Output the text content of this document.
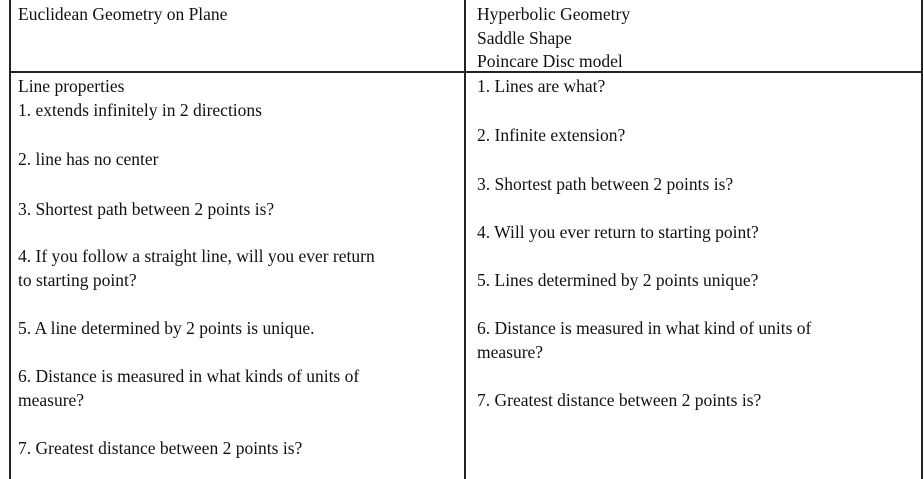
Euclidean Geometry on Plane	Hyperbolic Geometry
Saddle Shape
Poincare Disc model
Line properties
1. extends infinitely in 2 directions
2. line has no center
3. Shortest path between 2 points is?
4. If you follow a straight line, will you ever return
to starting point?
5. A line determined by 2 points is unique.
6. Distance is measured in what kinds of units of
measure?
7. Greatest distance between 2 points is?
1. Lines are what?
2. Infinite extension?
3. Shortest path between 2 points is?
4. Will you ever return to starting point?
5. Lines determined by 2 points unique?
6. Distance is measured in what kind of units of
measure?
7. Greatest distance between 2 points is?
